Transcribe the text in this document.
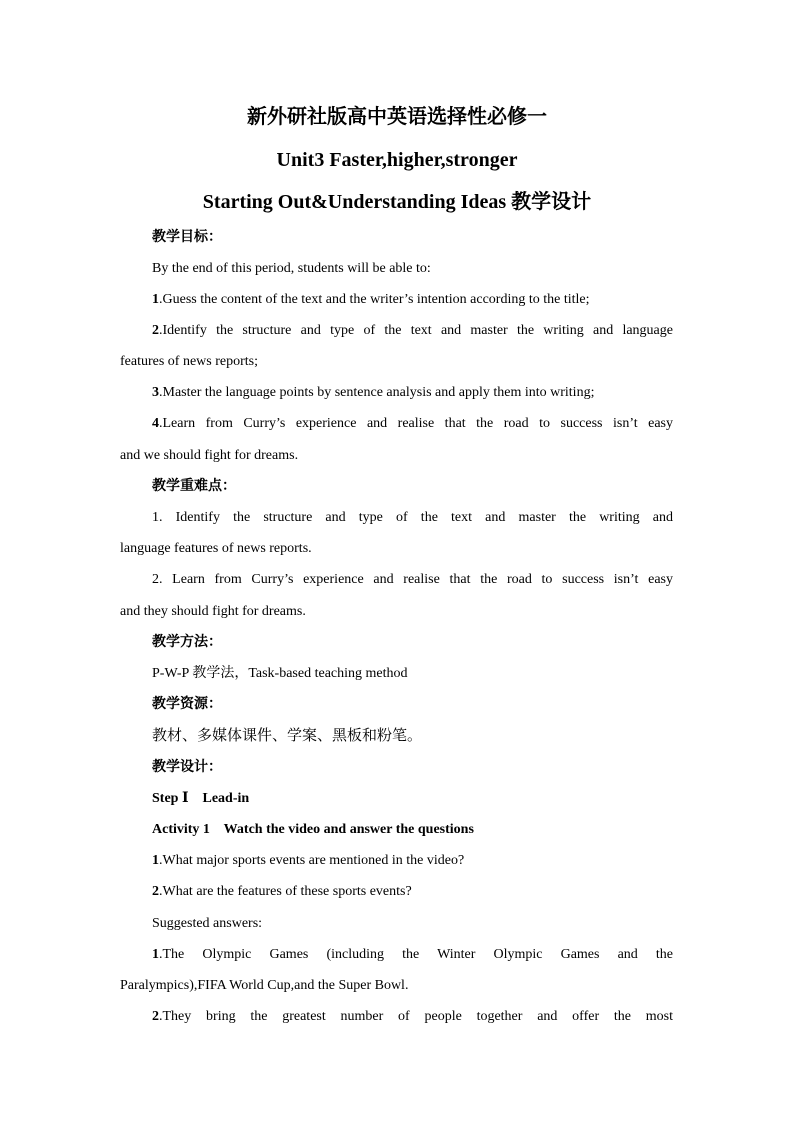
新外研社版高中英语选择性必修一
Unit3 Faster,higher,stronger
Starting Out&Understanding Ideas 教学设计
教学目标：
By the end of this period, students will be able to:
1.Guess the content of the text and the writer’s intention according to the title;
2.Identify the structure and type of the text and master the writing and language
features of news reports;
3.Master the language points by sentence analysis and apply them into writing;
4.Learn from Curry’s experience and realise that the road to success isn’t easy
and we should fight for dreams.
教学重难点：
1. Identify the structure and type of the text and master the writing and
language features of news reports.
2. Learn from Curry’s experience and realise that the road to success isn’t easy
and they should fight for dreams.
教学方法：
P-W-P 教学法，Task-based teaching method
教学资源：
教材、多媒体课件、学案、黑板和粉笔。
教学设计：
Step Ⅰ    Lead-in
Activity 1    Watch the video and answer the questions
1.What major sports events are mentioned in the video?
2.What are the features of these sports events?
Suggested answers:
1.The Olympic Games (including the Winter Olympic Games and the
Paralympics),FIFA World Cup,and the Super Bowl.
2.They bring the greatest number of people together and offer the most
